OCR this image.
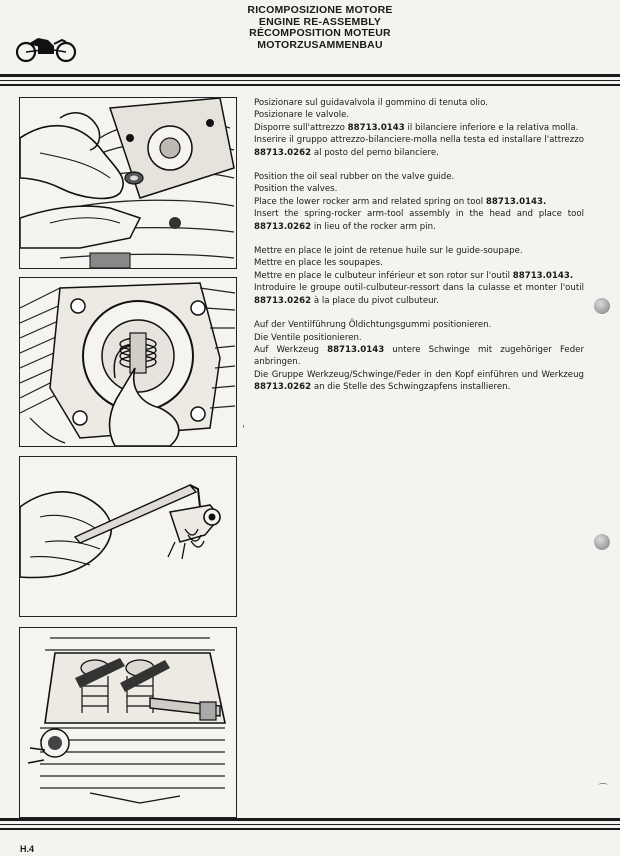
RICOMPOSIZIONE MOTORE
ENGINE RE-ASSEMBLY
RÉCOMPOSITION MOTEUR
MOTORZUSAMMENBAU

Posizionare sul guidavalvola il gommino di tenuta olio.

Posizionare le valvole.

Disporre sull'attrezzo 88713.0143 il bilanciere inferiore e la relativa molla.

Inserire il gruppo attrezzo-bilanciere-molla nella testa ed installare l'attrezzo 88713.0262 al posto del perno bilanciere.

Position the oil seal rubber on the valve guide.

Position the valves.

Place the lower rocker arm and related spring on tool 88713.0143.

Insert the spring-rocker arm-tool assembly in the head and place tool 88713.0262 in lieu of the rocker arm pin.

Mettre en place le joint de retenue huile sur le guide-soupape.

Mettre en place les soupapes.

Mettre en place le culbuteur inférieur et son rotor sur l'outil 88713.0143.

Introduire le groupe outil-culbuteur-ressort dans la culasse et monter l'outil 88713.0262 à la place du pivot culbuteur.

Auf der Ventilführung Öldichtungsgummi positionieren.

Die Ventile positionieren.

Auf Werkzeug 88713.0143 untere Schwinge mit zugehöriger Feder anbringen.

Die Gruppe Werkzeug/Schwinge/Feder in den Kopf einführen und Werkzeug 88713.0262 an die Stelle des Schwingzapfens installieren.

'
⌒
H.4
